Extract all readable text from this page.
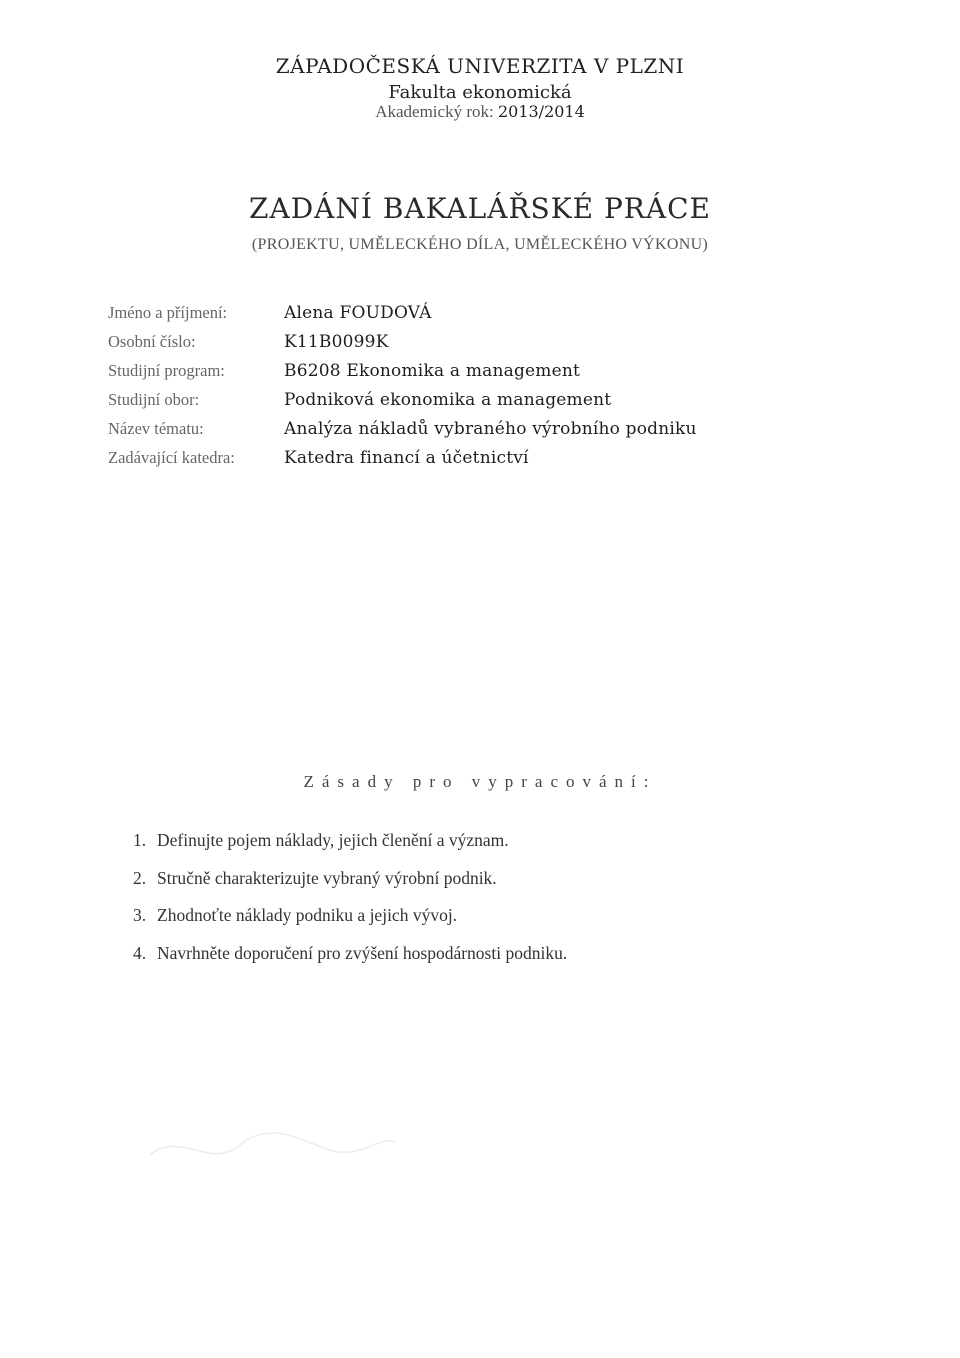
ZÁPADOČESKÁ UNIVERZITA V PLZNI
Fakulta ekonomická
Akademický rok: 2013/2014
ZADÁNÍ BAKALÁŘSKÉ PRÁCE
(PROJEKTU, UMĚLECKÉHO DÍLA, UMĚLECKÉHO VÝKONU)
Jméno a příjmení:	Alena FOUDOVÁ
Osobní číslo:	K11B0099K
Studijní program:	B6208 Ekonomika a management
Studijní obor:	Podniková ekonomika a management
Název tématu:	Analýza nákladů vybraného výrobního podniku
Zadávající katedra:	Katedra financí a účetnictví
Zásady pro vypracování:
1. Definujte pojem náklady, jejich členění a význam.
2. Stručně charakterizujte vybraný výrobní podnik.
3. Zhodnoťte náklady podniku a jejich vývoj.
4. Navrhněte doporučení pro zvýšení hospodárnosti podniku.
